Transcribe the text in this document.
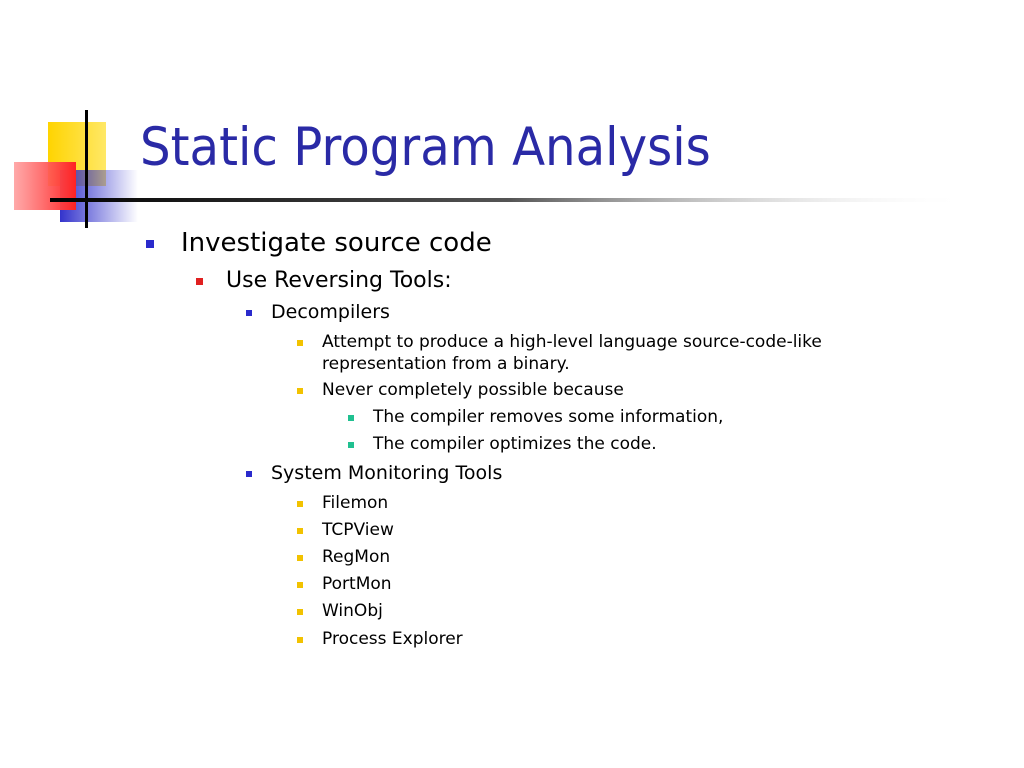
Static Program Analysis
Investigate source code
Use Reversing Tools:
Decompilers
Attempt to produce a high-level language source-code-like
representation from a binary.
Never completely possible because
The compiler removes some information,
The compiler optimizes the code.
System Monitoring Tools
Filemon
TCPView
RegMon
PortMon
WinObj
Process Explorer
